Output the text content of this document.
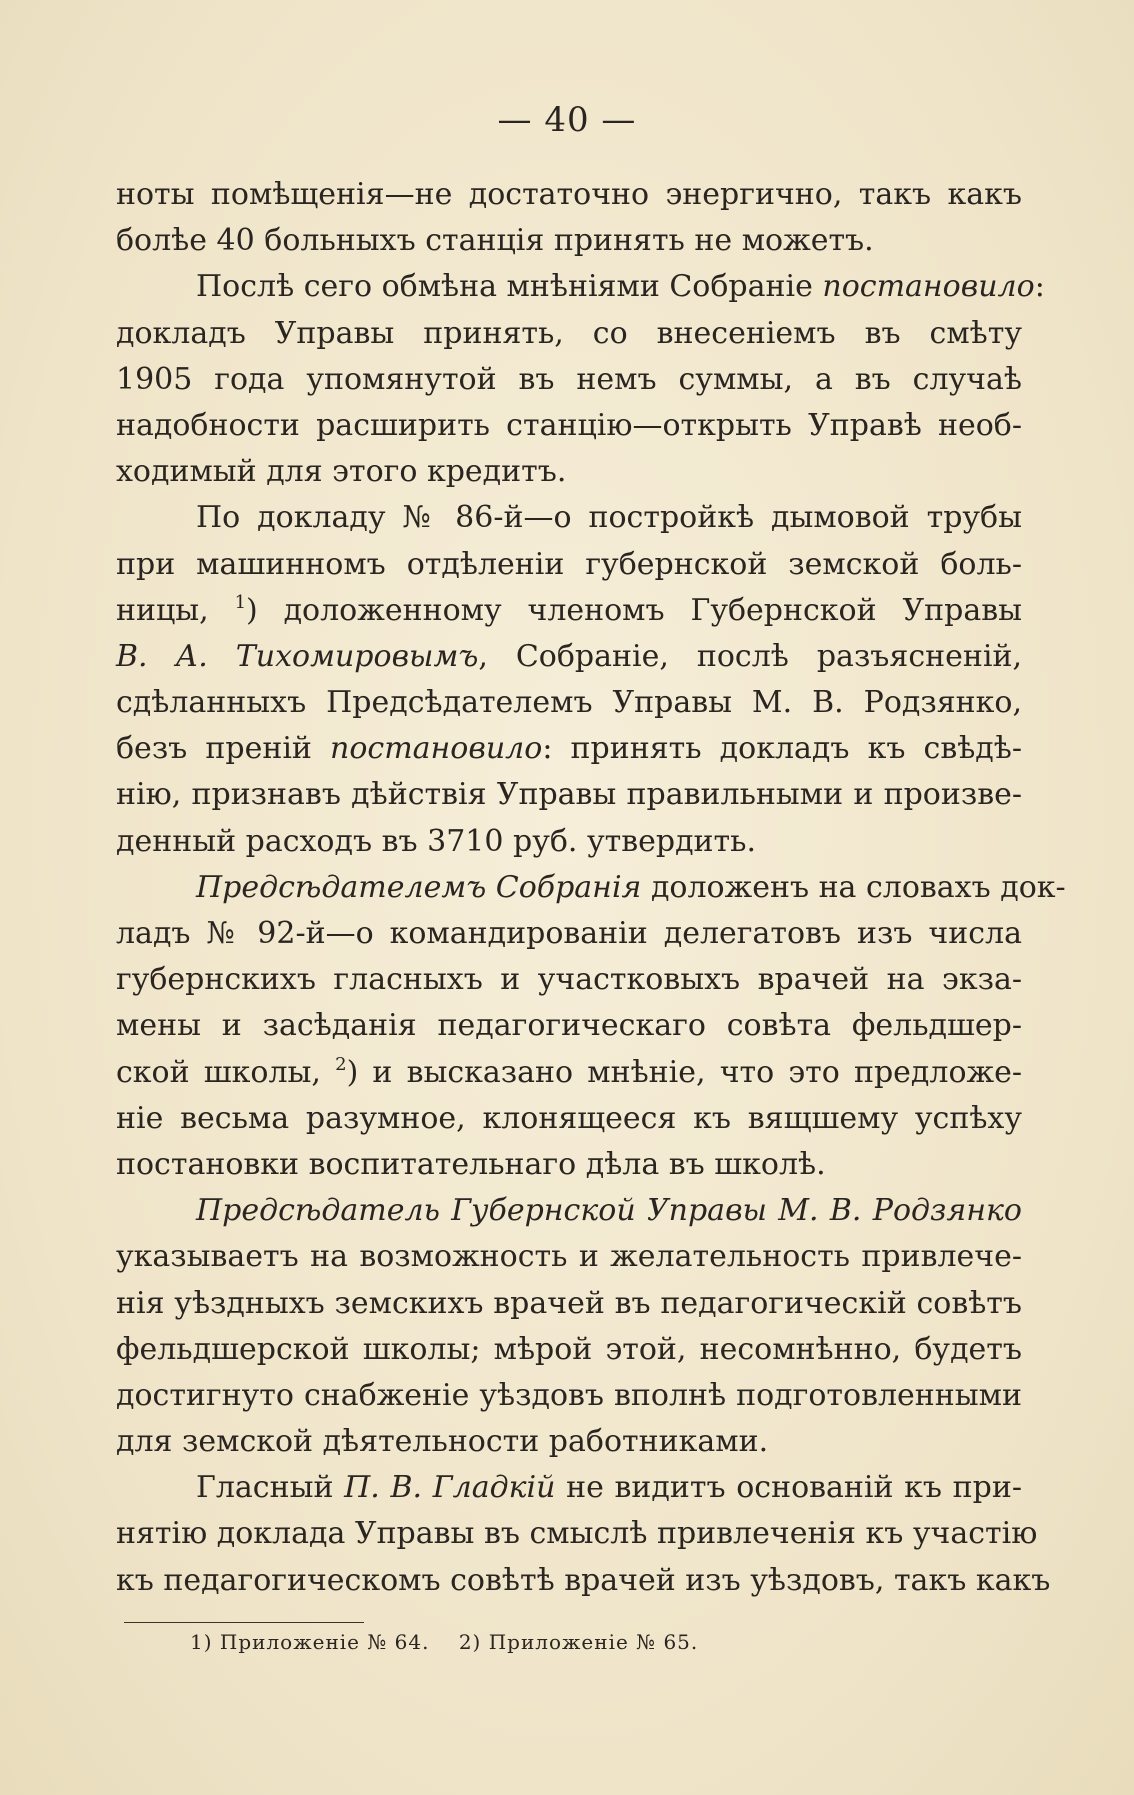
— 40 —
ноты помѣщенія—не достаточно энергично, такъ какъ
болѣе 40 больныхъ станція принять не можетъ.
Послѣ сего обмѣна мнѣніями Собраніе постановило:
докладъ Управы принять, со внесеніемъ въ смѣту
1905 года упомянутой въ немъ суммы, а въ случаѣ
надобности расширить станцію—открыть Управѣ необ-
ходимый для этого кредитъ.
По докладу № 86-й—о постройкѣ дымовой трубы
при машинномъ отдѣленіи губернской земской боль-
ницы, $^1$) доложенному членомъ Губернской Управы
В. А. Тихомировымъ, Собраніе, послѣ разъясненій,
сдѣланныхъ Предсѣдателемъ Управы М. В. Родзянко,
безъ преній постановило: принять докладъ къ свѣдѣ-
нію, признавъ дѣйствія Управы правильными и произве-
денный расходъ въ 3710 руб. утвердить.
Предсѣдателемъ Собранія доложенъ на словахъ док-
ладъ № 92-й—о командированіи делегатовъ изъ числа
губернскихъ гласныхъ и участковыхъ врачей на экза-
мены и засѣданія педагогическаго совѣта фельдшер-
ской школы, $^2$) и высказано мнѣніе, что это предложе-
ніе весьма разумное, клонящееся къ вящшему успѣху
постановки воспитательнаго дѣла въ школѣ.
Предсѣдатель Губернской Управы М. В. Родзянко
указываетъ на возможность и желательность привлече-
нія уѣздныхъ земскихъ врачей въ педагогическій совѣтъ
фельдшерской школы; мѣрой этой, несомнѣнно, будетъ
достигнуто снабженіе уѣздовъ вполнѣ подготовленными
для земской дѣятельности работниками.
Гласный П. В. Гладкій не видитъ основаній къ при-
нятію доклада Управы въ смыслѣ привлеченія къ участію
къ педагогическомъ совѣтѣ врачей изъ уѣздовъ, такъ какъ
1) Приложеніе № 64. 2) Приложеніе № 65.
